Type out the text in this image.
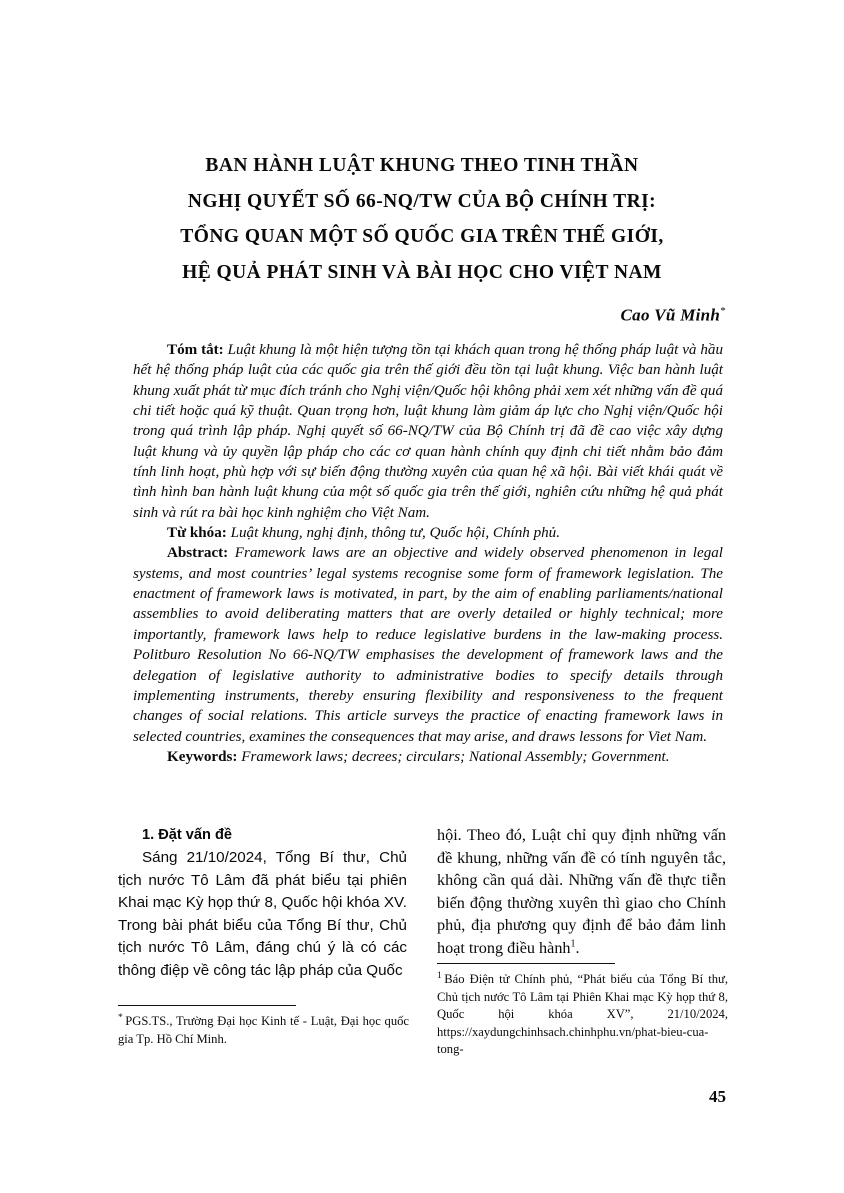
BAN HÀNH LUẬT KHUNG THEO TINH THẦN
NGHỊ QUYẾT SỐ 66-NQ/TW CỦA BỘ CHÍNH TRỊ:
TỔNG QUAN MỘT SỐ QUỐC GIA TRÊN THẾ GIỚI,
HỆ QUẢ PHÁT SINH VÀ BÀI HỌC CHO VIỆT NAM
Cao Vũ Minh*

Tóm tắt: Luật khung là một hiện tượng tồn tại khách quan trong hệ thống pháp luật và hầu hết hệ thống pháp luật của các quốc gia trên thế giới đều tồn tại luật khung. Việc ban hành luật khung xuất phát từ mục đích tránh cho Nghị viện/Quốc hội không phải xem xét những vấn đề quá chi tiết hoặc quá kỹ thuật. Quan trọng hơn, luật khung làm giảm áp lực cho Nghị viện/Quốc hội trong quá trình lập pháp. Nghị quyết số 66-NQ/TW của Bộ Chính trị đã đề cao việc xây dựng luật khung và ủy quyền lập pháp cho các cơ quan hành chính quy định chi tiết nhằm bảo đảm tính linh hoạt, phù hợp với sự biến động thường xuyên của quan hệ xã hội. Bài viết khái quát về tình hình ban hành luật khung của một số quốc gia trên thế giới, nghiên cứu những hệ quả phát sinh và rút ra bài học kinh nghiệm cho Việt Nam.

Từ khóa: Luật khung, nghị định, thông tư, Quốc hội, Chính phủ.

Abstract: Framework laws are an objective and widely observed phenomenon in legal systems, and most countries’ legal systems recognise some form of framework legislation. The enactment of framework laws is motivated, in part, by the aim of enabling parliaments/national assemblies to avoid deliberating matters that are overly detailed or highly technical; more importantly, framework laws help to reduce legislative burdens in the law-making process. Politburo Resolution No 66-NQ/TW emphasises the development of framework laws and the delegation of legislative authority to administrative bodies to specify details through implementing instruments, thereby ensuring flexibility and responsiveness to the frequent changes of social relations. This article surveys the practice of enacting framework laws in selected countries, examines the consequences that may arise, and draws lessons for Viet Nam.

Keywords: Framework laws; decrees; circulars; National Assembly; Government.

1. Đặt vấn đề

Sáng 21/10/2024, Tổng Bí thư, Chủ tịch nước Tô Lâm đã phát biểu tại phiên Khai mạc Kỳ họp thứ 8, Quốc hội khóa XV. Trong bài phát biểu của Tổng Bí thư, Chủ tịch nước Tô Lâm, đáng chú ý là có các thông điệp về công tác lập pháp của Quốc

hội. Theo đó, Luật chỉ quy định những vấn đề khung, những vấn đề có tính nguyên tắc, không cần quá dài. Những vấn đề thực tiễn biến động thường xuyên thì giao cho Chính phủ, địa phương quy định để bảo đảm linh hoạt trong điều hành$^1$.

* PGS.TS., Trường Đại học Kinh tế - Luật, Đại học quốc gia Tp. Hồ Chí Minh.

$^1$ Báo Điện tử Chính phủ, “Phát biểu của Tổng Bí thư, Chủ tịch nước Tô Lâm tại Phiên Khai mạc Kỳ họp thứ 8, Quốc hội khóa XV”, 21/10/2024, https://xaydungchinhsach.chinhphu.vn/phat-bieu-cua-tong-

45
